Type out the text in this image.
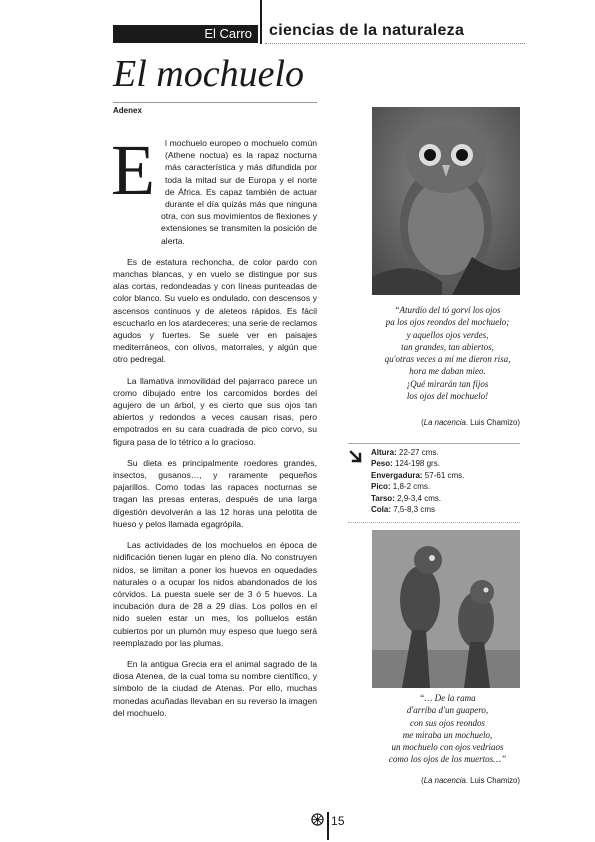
El Carro	ciencias de la naturaleza
El mochuelo
Adenex

E	l mochuelo europeo o mochuelo común (Athene noctua) es la rapaz nocturna más característica y más difundida por toda la mitad sur de Europa y el norte de África. Es capaz también de actuar durante el día quizás más que ninguna otra, con sus movimientos de flexiones y extensiones se transmiten la posición de alerta.

Es de estatura rechoncha, de color pardo con manchas blancas, y en vuelo se distingue por sus alas cortas, redondeadas y con líneas punteadas de color blanco. Su vuelo es ondulado, con descensos y ascensos continuos y de aleteos rápidos. Es fácil escucharlo en los atardeceres; una serie de reclamos agudos y fuertes. Se suele ver en paisajes mediterráneos, con olivos, matorrales, y algún que otro pedregal.

La llamativa inmovilidad del pajarraco parece un cromo dibujado entre los carcomidos bordes del agujero de un árbol, y es cierto que sus ojos tan abiertos y redondos a veces causan risas, pero empotrados en su cara cuadrada de pico corvo, su figura pasa de lo tétrico a lo gracioso.

Su dieta es principalmente roedores grandes, insectos, gusanos…, y raramente pequeños pajarillos. Como todas las rapaces nocturnas se tragan las presas enteras, después de una larga digestión devolverán a las 12 horas una pelotita de hueso y pelos llamada egagrópila.

Las actividades de los mochuelos en época de nidificación tienen lugar en pleno día. No construyen nidos, se limitan a poner los huevos en oquedades naturales o a ocupar los nidos abandonados de los córvidos. La puesta suele ser de 3 ó 5 huevos. La incubación dura de 28 a 29 días. Los pollos en el nido suelen estar un mes, los polluelos están cubiertos por un plumón muy espeso que luego será reemplazado por las plumas.

En la antigua Grecia era el animal sagrado de la diosa Atenea, de la cual toma su nombre científico, y símbolo de la ciudad de Atenas. Por ello, muchas monedas acuñadas llevaban en su reverso la imagen del mochuelo.

“Aturdío del tó gorví los ojos
pa los ojos reondos del mochuelo;
y aquellos ojos verdes,
tan grandes, tan abiertos,
qu'otras veces a mí me dieron risa,
hora me daban mieo.
¡Qué mirarán tan fijos
los ojos del mochuelo!
(La nacencia. Luis Chamizo)
Altura: 22-27 cms.
Peso: 124-198 grs.
Envergadura: 57-61 cms.
Pico: 1,8-2 cms.
Tarso: 2,9-3,4 cms.
Cola: 7,5-8,3 cms
“… De la rama
d'arriba d'un guapero,
con sus ojos reondos
me miraba un mochuelo,
un mochuelo con ojos vedriaos
como los ojos de los muertos…”
(La nacencia. Luis Chamizo)
15
